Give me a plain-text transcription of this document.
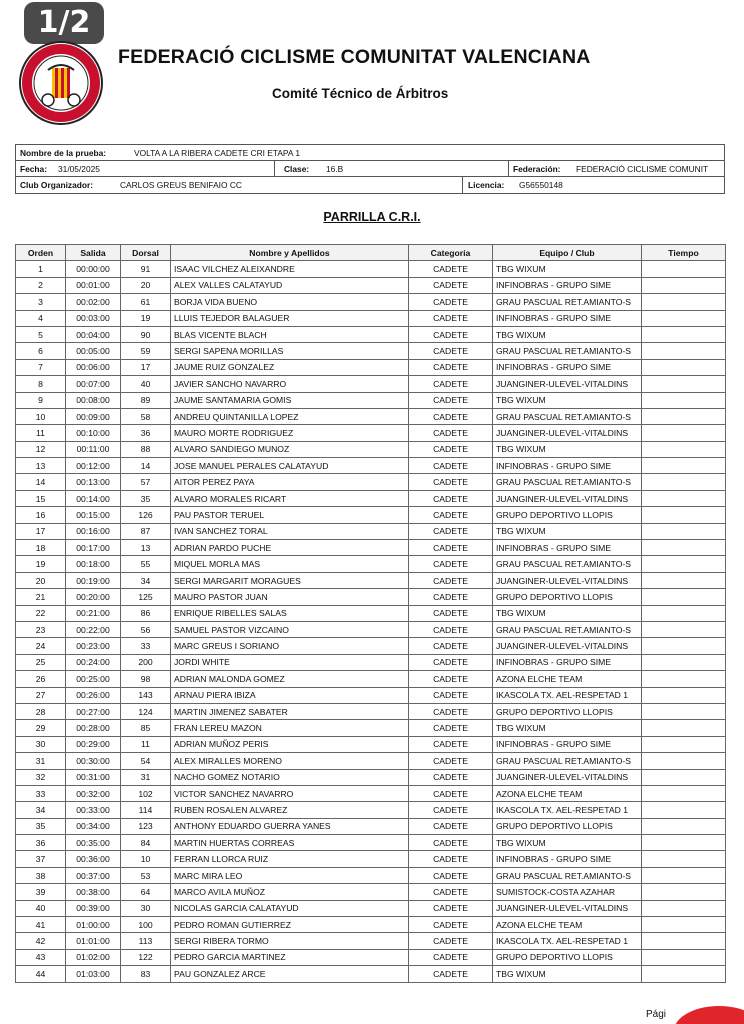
1/2
FEDERACIÓ CICLISME COMUNITAT VALENCIANA
Comité Técnico de Árbitros
Nombre de la prueba:	VOLTA A LA RIBERA CADETE CRI ETAPA 1
Fecha: 31/05/2025	Clase: 16.B	Federación: FEDERACIÓ CICLISME COMUNIT
Club Organizador:	CARLOS GREUS BENIFAIO CC	Licencia: G56550148
PARRILLA C.R.I.
Orden	Salida	Dorsal	Nombre y Apellidos	Categoría	Equipo / Club	Tiempo
1	00:00:00	91	ISAAC VILCHEZ ALEIXANDRE	CADETE	TBG WIXUM	
2	00:01:00	20	ALEX VALLES CALATAYUD	CADETE	INFINOBRAS - GRUPO SIME	
3	00:02:00	61	BORJA VIDA BUENO	CADETE	GRAU PASCUAL RET.AMIANTO-S	
4	00:03:00	19	LLUIS TEJEDOR BALAGUER	CADETE	INFINOBRAS - GRUPO SIME	
5	00:04:00	90	BLAS VICENTE BLACH	CADETE	TBG WIXUM	
6	00:05:00	59	SERGI SAPENA MORILLAS	CADETE	GRAU PASCUAL RET.AMIANTO-S	
7	00:06:00	17	JAUME RUIZ GONZALEZ	CADETE	INFINOBRAS - GRUPO SIME	
8	00:07:00	40	JAVIER SANCHO NAVARRO	CADETE	JUANGINER-ULEVEL-VITALDINS	
9	00:08:00	89	JAUME SANTAMARIA GOMIS	CADETE	TBG WIXUM	
10	00:09:00	58	ANDREU QUINTANILLA LOPEZ	CADETE	GRAU PASCUAL RET.AMIANTO-S	
11	00:10:00	36	MAURO MORTE RODRIGUEZ	CADETE	JUANGINER-ULEVEL-VITALDINS	
12	00:11:00	88	ALVARO SANDIEGO MUNOZ	CADETE	TBG WIXUM	
13	00:12:00	14	JOSE MANUEL PERALES CALATAYUD	CADETE	INFINOBRAS - GRUPO SIME	
14	00:13:00	57	AITOR PEREZ PAYA	CADETE	GRAU PASCUAL RET.AMIANTO-S	
15	00:14:00	35	ALVARO MORALES RICART	CADETE	JUANGINER-ULEVEL-VITALDINS	
16	00:15:00	126	PAU PASTOR TERUEL	CADETE	GRUPO DEPORTIVO LLOPIS	
17	00:16:00	87	IVAN SANCHEZ TORAL	CADETE	TBG WIXUM	
18	00:17:00	13	ADRIAN PARDO PUCHE	CADETE	INFINOBRAS - GRUPO SIME	
19	00:18:00	55	MIQUEL MORLA MAS	CADETE	GRAU PASCUAL RET.AMIANTO-S	
20	00:19:00	34	SERGI MARGARIT MORAGUES	CADETE	JUANGINER-ULEVEL-VITALDINS	
21	00:20:00	125	MAURO PASTOR JUAN	CADETE	GRUPO DEPORTIVO LLOPIS	
22	00:21:00	86	ENRIQUE RIBELLES SALAS	CADETE	TBG WIXUM	
23	00:22:00	56	SAMUEL PASTOR VIZCAINO	CADETE	GRAU PASCUAL RET.AMIANTO-S	
24	00:23:00	33	MARC GREUS I SORIANO	CADETE	JUANGINER-ULEVEL-VITALDINS	
25	00:24:00	200	JORDI WHITE	CADETE	INFINOBRAS - GRUPO SIME	
26	00:25:00	98	ADRIAN MALONDA GOMEZ	CADETE	AZONA ELCHE TEAM	
27	00:26:00	143	ARNAU PIERA IBIZA	CADETE	IKASCOLA TX. AEL-RESPETAD 1	
28	00:27:00	124	MARTIN JIMENEZ SABATER	CADETE	GRUPO DEPORTIVO LLOPIS	
29	00:28:00	85	FRAN LEREU MAZON	CADETE	TBG WIXUM	
30	00:29:00	11	ADRIAN MUÑOZ PERIS	CADETE	INFINOBRAS - GRUPO SIME	
31	00:30:00	54	ALEX MIRALLES MORENO	CADETE	GRAU PASCUAL RET.AMIANTO-S	
32	00:31:00	31	NACHO GOMEZ NOTARIO	CADETE	JUANGINER-ULEVEL-VITALDINS	
33	00:32:00	102	VICTOR SANCHEZ NAVARRO	CADETE	AZONA ELCHE TEAM	
34	00:33:00	114	RUBEN ROSALEN ALVAREZ	CADETE	IKASCOLA TX. AEL-RESPETAD 1	
35	00:34:00	123	ANTHONY EDUARDO GUERRA YANES	CADETE	GRUPO DEPORTIVO LLOPIS	
36	00:35:00	84	MARTIN HUERTAS CORREAS	CADETE	TBG WIXUM	
37	00:36:00	10	FERRAN LLORCA RUIZ	CADETE	INFINOBRAS - GRUPO SIME	
38	00:37:00	53	MARC MIRA LEO	CADETE	GRAU PASCUAL RET.AMIANTO-S	
39	00:38:00	64	MARCO AVILA MUÑOZ	CADETE	SUMISTOCK-COSTA AZAHAR	
40	00:39:00	30	NICOLAS GARCIA CALATAYUD	CADETE	JUANGINER-ULEVEL-VITALDINS	
41	01:00:00	100	PEDRO ROMAN GUTIERREZ	CADETE	AZONA ELCHE TEAM	
42	01:01:00	113	SERGI RIBERA TORMO	CADETE	IKASCOLA TX. AEL-RESPETAD 1	
43	01:02:00	122	PEDRO GARCIA MARTINEZ	CADETE	GRUPO DEPORTIVO LLOPIS	
44	01:03:00	83	PAU GONZALEZ ARCE	CADETE	TBG WIXUM	
Pági
